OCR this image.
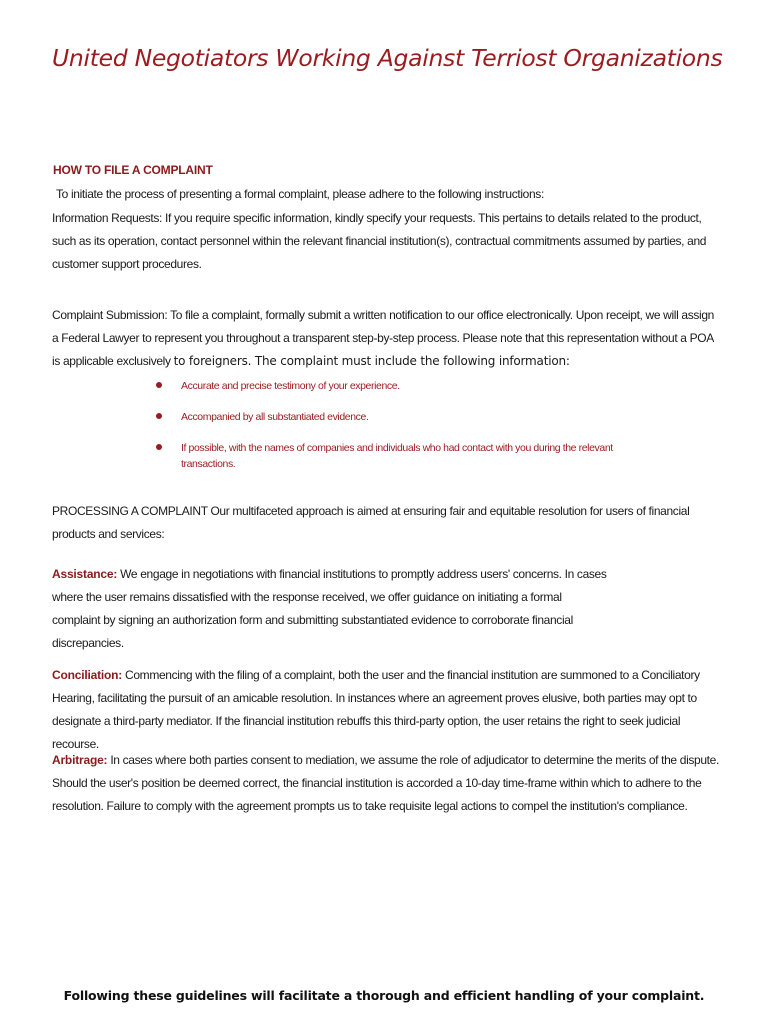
United Negotiators Working Against Terriost Organizations
HOW TO FILE A COMPLAINT
To initiate the process of presenting a formal complaint, please adhere to the following instructions:
Information Requests: If you require specific information, kindly specify your requests. This pertains to details related to the product, such as its operation, contact personnel within the relevant financial institution(s), contractual commitments assumed by parties, and customer support procedures.
Complaint Submission: To file a complaint, formally submit a written notification to our office electronically. Upon receipt, we will assign a Federal Lawyer to represent you throughout a transparent step-by-step process. Please note that this representation without a POA is applicable exclusively to foreigners. The complaint must include the following information:
Accurate and precise testimony of your experience.
Accompanied by all substantiated evidence.
If possible, with the names of companies and individuals who had contact with you during the relevant transactions.
PROCESSING A COMPLAINT Our multifaceted approach is aimed at ensuring fair and equitable resolution for users of financial products and services:
Assistance: We engage in negotiations with financial institutions to promptly address users' concerns. In cases where the user remains dissatisfied with the response received, we offer guidance on initiating a formal complaint by signing an authorization form and submitting substantiated evidence to corroborate financial discrepancies.
Conciliation: Commencing with the filing of a complaint, both the user and the financial institution are summoned to a Conciliatory Hearing, facilitating the pursuit of an amicable resolution. In instances where an agreement proves elusive, both parties may opt to designate a third-party mediator. If the financial institution rebuffs this third-party option, the user retains the right to seek judicial recourse.
Arbitrage: In cases where both parties consent to mediation, we assume the role of adjudicator to determine the merits of the dispute. Should the user's position be deemed correct, the financial institution is accorded a 10-day time-frame within which to adhere to the resolution. Failure to comply with the agreement prompts us to take requisite legal actions to compel the institution's compliance.
Following these guidelines will facilitate a thorough and efficient handling of your complaint.
